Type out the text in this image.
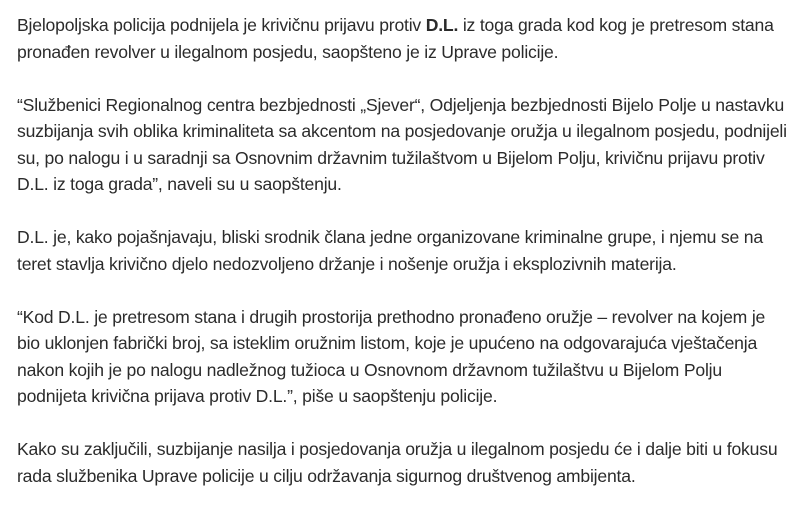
Bjelopoljska policija podnijela je krivičnu prijavu protiv D.L. iz toga grada kod kog je pretresom stana pronađen revolver u ilegalnom posjedu, saopšteno je iz Uprave policije.

“Službenici Regionalnog centra bezbjednosti „Sjever“, Odjeljenja bezbjednosti Bijelo Polje u nastavku suzbijanja svih oblika kriminaliteta sa akcentom na posjedovanje oružja u ilegalnom posjedu, podnijeli su, po nalogu i u saradnji sa Osnovnim državnim tužilaštvom u Bijelom Polju, krivičnu prijavu protiv D.L. iz toga grada”, naveli su u saopštenju.

D.L. je, kako pojašnjavaju, bliski srodnik člana jedne organizovane kriminalne grupe, i njemu se na teret stavlja krivično djelo nedozvoljeno držanje i nošenje oružja i eksplozivnih materija.

“Kod D.L. je pretresom stana i drugih prostorija prethodno pronađeno oružje – revolver na kojem je bio uklonjen fabrički broj, sa isteklim oružnim listom, koje je upućeno na odgovarajuća vještačenja nakon kojih je po nalogu nadležnog tužioca u Osnovnom državnom tužilaštvu u Bijelom Polju podnijeta krivična prijava protiv D.L.”, piše u saopštenju policije.

Kako su zaključili, suzbijanje nasilja i posjedovanja oružja u ilegalnom posjedu će i dalje biti u fokusu rada službenika Uprave policije u cilju održavanja sigurnog društvenog ambijenta.
